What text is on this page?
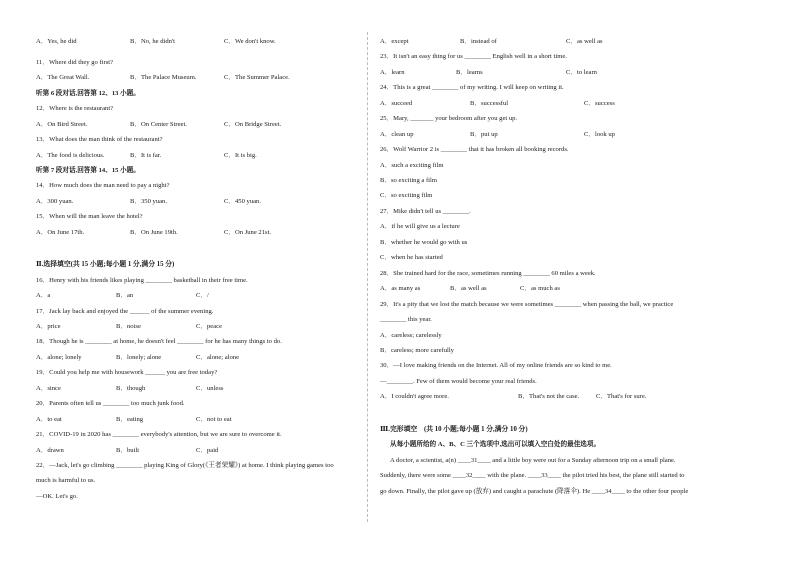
A．Yes, he did	B．No, he didn't	C．We don't know.
11．Where did they go first?
A．The Great Wall.	B．The Palace Museum.	C．The Summer Palace.
听第 6 段对话,回答第 12、13 小题。
12．Where is the restaurant?
A．On Bird Street.	B．On Center Street.	C．On Bridge Street.
13．What does the man think of the restaurant?
A．The food is delicious.	B．It is far.	C．It is big.
听第 7 段对话,回答第 14、15 小题。
14．How much does the man need to pay a night?
A．300 yuan.	B．350 yuan.	C．450 yuan.
15．When will the man leave the hotel?
A．On June 17th.	B．On June 19th.	C．On June 21st.
Ⅱ.选择填空(共 15 小题;每小题 1 分,满分 15 分)
16．Henry with his friends likes playing ________ basketball in their free time.
A．a	B．an	C．/
17．Jack lay back and enjoyed the ______ of the summer evening.
A．price	B．noise	C．peace
18．Though he is ________ at home, he doesn't feel ________ for he has many things to do.
A．alone; lonely	B．lonely; alone	C．alone; alone
19．Could you help me with housework ______ you are free today?
A．since	B．though	C．unless
20．Parents often tell us ________ too much junk food.
A．to eat	B．eating	C．not to eat
21．COVID-19 in 2020 has ________ everybody's attention, but we are sure to overcome it.
A．drawn	B．built	C．paid
22．—Jack, let's go climbing ________ playing King of Glory(《王者荣耀》) at home. I think playing games too
much is harmful to us.
—OK. Let's go.
A．except	B．instead of	C．as well as
23．It isn't an easy thing for us ________ English well in a short time.
A．learn	B．learns	C．to learn
24．This is a great ________ of my writing. I will keep on writing it.
A．succeed	B．successful	C．success
25．Mary, _______ your bedroom after you get up.
A．clean up	B．put up	C．look up
26．Wolf Warrior 2 is ________ that it has broken all booking records.
A．such a exciting film
B．so exciting a film
C．so exciting film
27．Mike didn't tell us ________.
A．if he will give us a lecture
B．whether he would go with us
C．when he has started
28．She trained hard for the race, sometimes running ________ 60 miles a week.
A．as many as	B．as well as	C．as much as
29．It's a pity that we lost the match because we were sometimes ________ when passing the ball, we practice
________ this year.
A．careless; carelessly
B．careless; more carefully
30．—I love making friends on the Internet. All of my online friends are so kind to me.
—________. Few of them would become your real friends.
A．I couldn't agree more.	B．That's not the case.	C．That's for sure.
Ⅲ.完形填空　(共 10 小题;每小题 1 分,满分 10 分)
从每小题所给的 A、B、C 三个选项中,选出可以填入空白处的最佳选项。
A doctor, a scientist, a(n) ____31____ and a little boy were out for a Sunday afternoon trip on a small plane.
Suddenly, there were some ____32____ with the plane. ____33____ the pilot tried his best, the plane still started to
go down. Finally, the pilot gave up (放弃) and caught a parachute (降落伞). He ____34____ to the other four people
